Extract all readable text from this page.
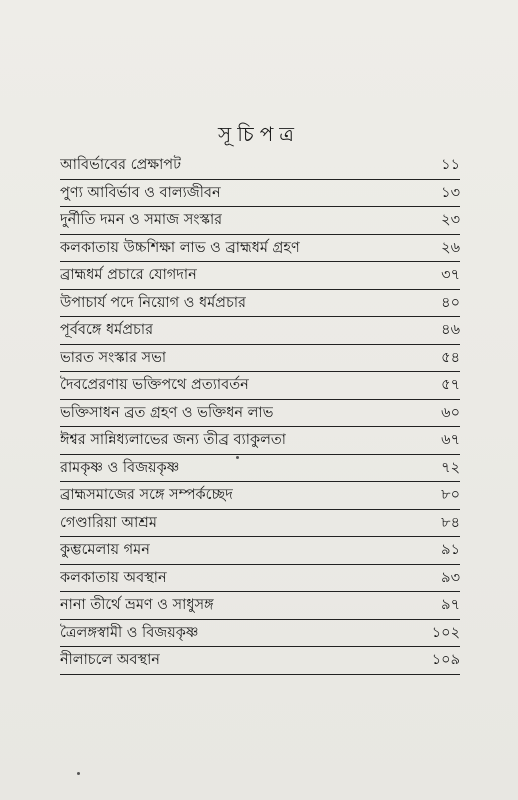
সূচিপত্র
আবির্ভাবের প্রেক্ষাপট	১১
পুণ্য আবির্ভাব ও বাল্যজীবন	১৩
দুর্নীতি দমন ও সমাজ সংস্কার	২৩
কলকাতায় উচ্চশিক্ষা লাভ ও ব্রাহ্মধর্ম গ্রহণ	২৬
ব্রাহ্মধর্ম প্রচারে যোগদান	৩৭
উপাচার্য পদে নিয়োগ ও ধর্মপ্রচার	৪০
পূর্ববঙ্গে ধর্মপ্রচার	৪৬
ভারত সংস্কার সভা	৫৪
দৈবপ্রেরণায় ভক্তিপথে প্রত্যাবর্তন	৫৭
ভক্তিসাধন ব্রত গ্রহণ ও ভক্তিধন লাভ	৬০
ঈশ্বর সান্নিধ্যলাভের জন্য তীব্র ব্যাকুলতা	৬৭
রামকৃষ্ণ ও বিজয়কৃষ্ণ	৭২
ব্রাহ্মসমাজের সঙ্গে সম্পর্কচ্ছেদ	৮০
গেণ্ডারিয়া আশ্রম	৮৪
কুম্ভমেলায় গমন	৯১
কলকাতায় অবস্থান	৯৩
নানা তীর্থে ভ্রমণ ও সাধুসঙ্গ	৯৭
ত্রৈলঙ্গস্বামী ও বিজয়কৃষ্ণ	১০২
নীলাচলে অবস্থান	১০৯
